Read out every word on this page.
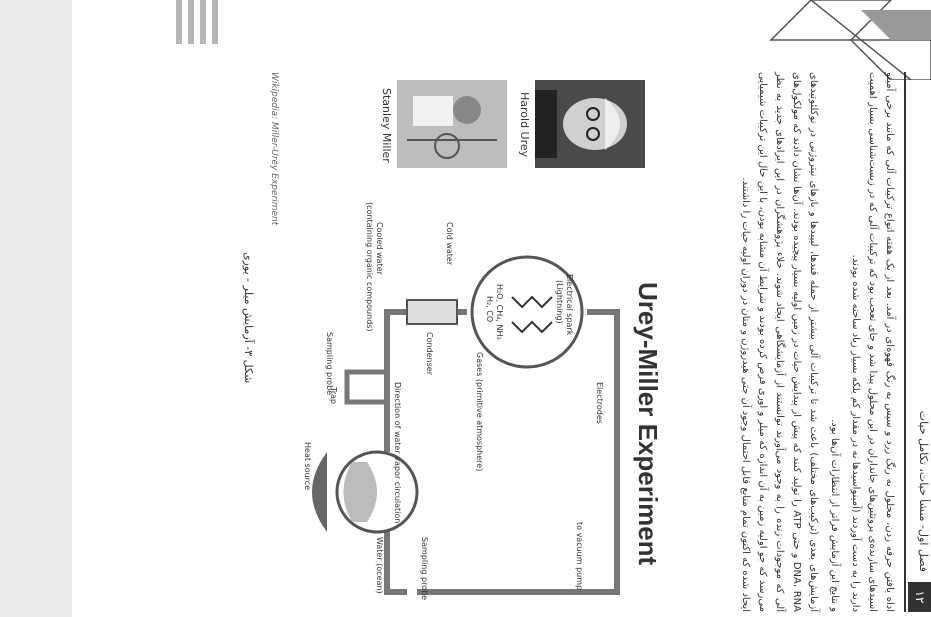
فصل اول- منشأ حیات، تکامل حیات
۱۲

اداه یافتن جرقه زدن، محلول به رنگ زرد و سپس به رنگ قهوه‌ای در آمد. بعد از یک هفته انواع ترکیبات آلی که مانند برخی آمینو اسیدهای سازنده‌ی پروتئین‌های جانداران در این محلول پیدا شد و جای تعجب بود که ترکیبات آلی که در زیست‌شناسی بسیار اهمیت دارند را به دست آوردند (آمینواسیدها نه در مقدار کم بلکه بسیار زیاد ساخته شده بودند.

و نتایج این آزمایش فراتر از انتظارات آن‌ها بود.

آزمایش‌های بعدی (ترکیب‌های مختلف) باعث شد تا ترکیبات آلی بیشتر از جمله قندها، لیپیدها و بازهای نیتروژنی در نوکلئوتیدهای DNA، RNA و حتی ATP را تولید کنند که پیش از پیدایش حیات در زمین اولیه بسیار پیچیده بودند. آن‌ها نشان دادند که مولکول‌های آلی که موجودات زنده را به وجود می‌آورند توانستند از آزمایشگاهی ایجاد شوند. خلاء پژوهشگران در این ایرادهای جدید به نظر می‌رسد که جو اولیه زمین به آن اندازه که میلر و اوری فرض کرده بودند و شرایط آن مشابه بودن، با این حال این ترکیبات شیمیایی ایجاد شده که اکنون تمام منابع قابل احتمال وجود آن حتی هیدروژن و متان در دوران اولیه حیات را داشتند.

Urey-Miller Experiment
Harold Urey
Stanley Miller
Electrodes
Electrical spark
(Lightning)
H₂O, CH₄, NH₃
H₂, CO
Gases (primitive atmosphere)
to vacuum pump
Direction of water vapor circulation
Condenser
Cold water
Cooled water
(containing organic compounds)
Sampling probe
Sampling probe
Water (ocean)
Heat source
Trap
Wikipedia: Miller-Urey Experiment
شکل ۳- آزمایش میلر - یوری
